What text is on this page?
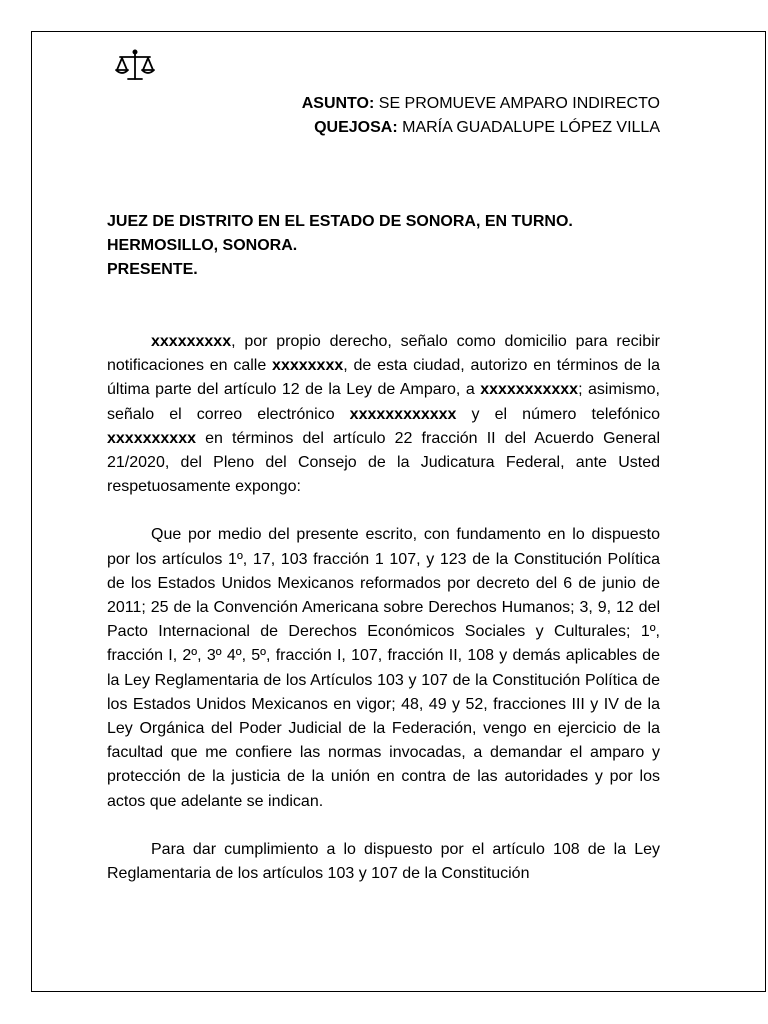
ASUNTO: SE PROMUEVE AMPARO INDIRECTO
QUEJOSA: MARÍA GUADALUPE LÓPEZ VILLA
JUEZ DE DISTRITO EN EL ESTADO DE SONORA, EN TURNO.
HERMOSILLO, SONORA.
PRESENTE.

xxxxxxxxx, por propio derecho, señalo como domicilio para recibir notificaciones en calle xxxxxxxx, de esta ciudad, autorizo en términos de la última parte del artículo 12 de la Ley de Amparo, a xxxxxxxxxxx; asimismo, señalo el correo electrónico xxxxxxxxxxxx y el número telefónico xxxxxxxxxx en términos del artículo 22 fracción II del Acuerdo General 21/2020, del Pleno del Consejo de la Judicatura Federal, ante Usted respetuosamente expongo:

Que por medio del presente escrito, con fundamento en lo dispuesto por los artículos 1º, 17, 103 fracción 1 107, y 123 de la Constitución Política de los Estados Unidos Mexicanos reformados por decreto del 6 de junio de 2011; 25 de la Convención Americana sobre Derechos Humanos; 3, 9, 12 del Pacto Internacional de Derechos Económicos Sociales y Culturales; 1º, fracción I, 2º, 3º 4º, 5º, fracción I, 107, fracción II, 108 y demás aplicables de la Ley Reglamentaria de los Artículos 103 y 107 de la Constitución Política de los Estados Unidos Mexicanos en vigor; 48, 49 y 52, fracciones III y IV de la Ley Orgánica del Poder Judicial de la Federación, vengo en ejercicio de la facultad que me confiere las normas invocadas, a demandar el amparo y protección de la justicia de la unión en contra de las autoridades y por los actos que adelante se indican.

Para dar cumplimiento a lo dispuesto por el artículo 108 de la Ley Reglamentaria de los artículos 103 y 107 de la Constitución
